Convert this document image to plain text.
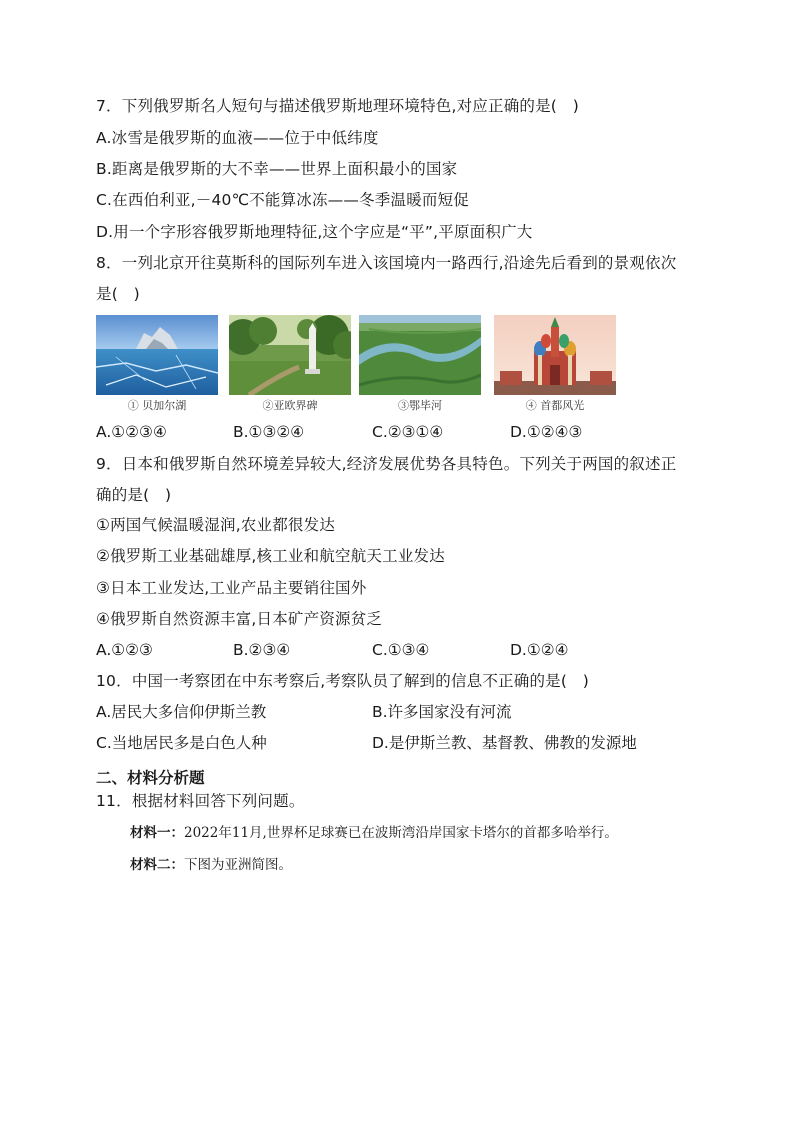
7．下列俄罗斯名人短句与描述俄罗斯地理环境特色,对应正确的是(　)
A.冰雪是俄罗斯的血液——位于中低纬度
B.距离是俄罗斯的大不幸——世界上面积最小的国家
C.在西伯利亚,－40℃不能算冰冻——冬季温暖而短促
D.用一个字形容俄罗斯地理特征,这个字应是“平”,平原面积广大
8．一列北京开往莫斯科的国际列车进入该国境内一路西行,沿途先后看到的景观依次
是(　)
① 贝加尔湖	②亚欧界碑	③鄂毕河	④ 首都风光
A.①②③④	B.①③②④	C.②③①④	D.①②④③
9．日本和俄罗斯自然环境差异较大,经济发展优势各具特色。下列关于两国的叙述正
确的是(　)
①两国气候温暖湿润,农业都很发达
②俄罗斯工业基础雄厚,核工业和航空航天工业发达
③日本工业发达,工业产品主要销往国外
④俄罗斯自然资源丰富,日本矿产资源贫乏
A.①②③	B.②③④	C.①③④	D.①②④
10．中国一考察团在中东考察后,考察队员了解到的信息不正确的是(　)
A.居民大多信仰伊斯兰教	B.许多国家没有河流
C.当地居民多是白色人种	D.是伊斯兰教、基督教、佛教的发源地
二、材料分析题
11．根据材料回答下列问题。
材料一：2022年11月,世界杯足球赛已在波斯湾沿岸国家卡塔尔的首都多哈举行。
材料二：下图为亚洲简图。
